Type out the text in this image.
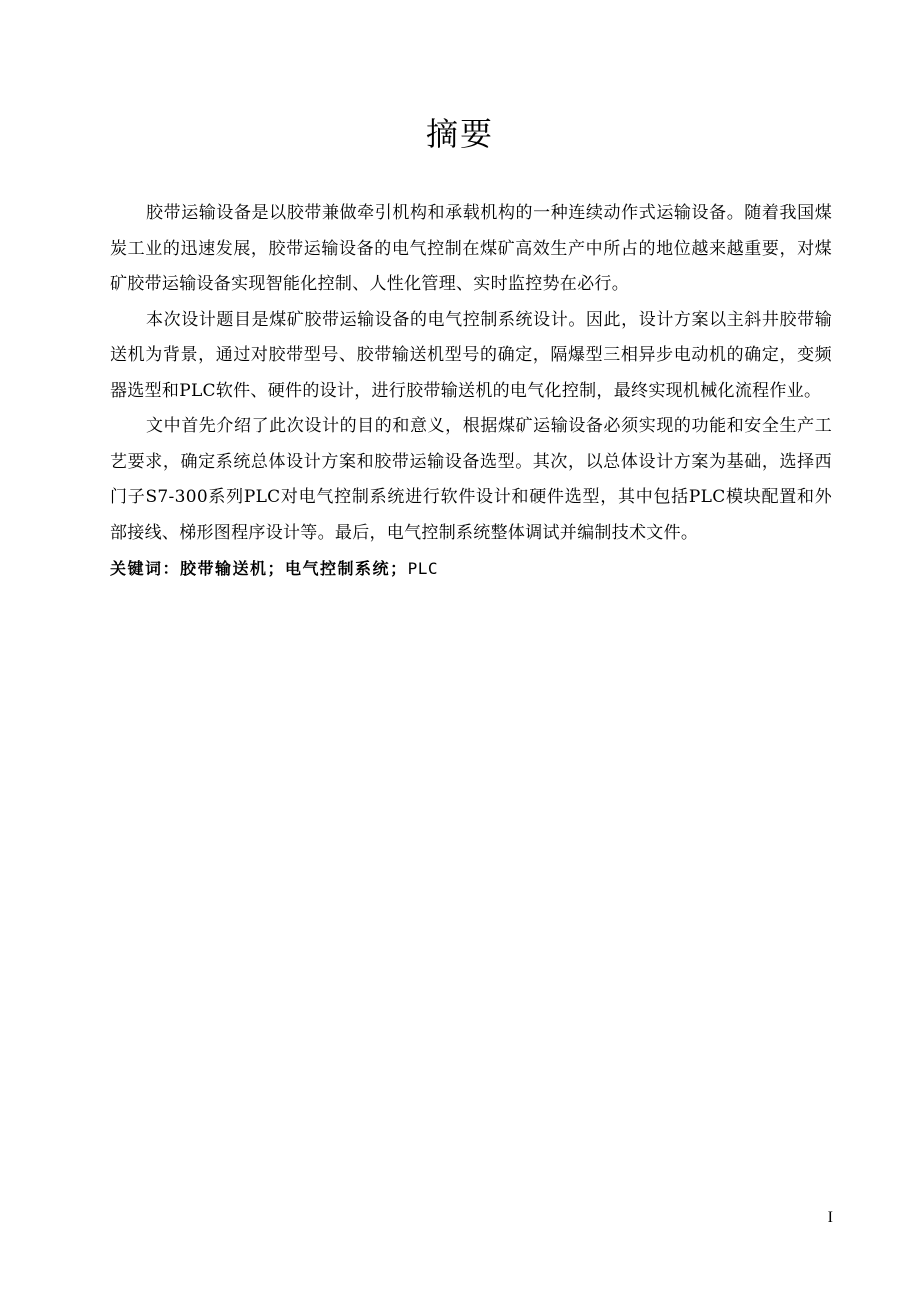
摘要

胶带运输设备是以胶带兼做牵引机构和承载机构的一种连续动作式运输设备。随着我国煤炭工业的迅速发展，胶带运输设备的电气控制在煤矿高效生产中所占的地位越来越重要，对煤矿胶带运输设备实现智能化控制、人性化管理、实时监控势在必行。

本次设计题目是煤矿胶带运输设备的电气控制系统设计。因此，设计方案以主斜井胶带输送机为背景，通过对胶带型号、胶带输送机型号的确定，隔爆型三相异步电动机的确定，变频器选型和PLC软件、硬件的设计，进行胶带输送机的电气化控制，最终实现机械化流程作业。

文中首先介绍了此次设计的目的和意义，根据煤矿运输设备必须实现的功能和安全生产工艺要求，确定系统总体设计方案和胶带运输设备选型。其次，以总体设计方案为基础，选择西门子S7-300系列PLC对电气控制系统进行软件设计和硬件选型，其中包括PLC模块配置和外部接线、梯形图程序设计等。最后，电气控制系统整体调试并编制技术文件。

关键词：胶带输送机；电气控制系统；PLC

I
